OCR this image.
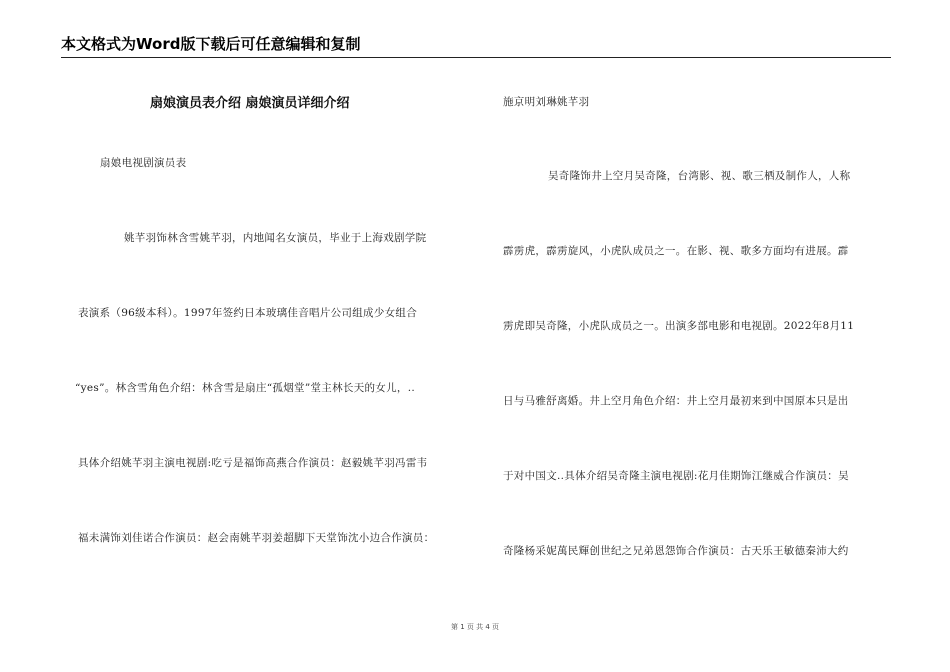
本文格式为Word版下载后可任意编辑和复制
扇娘演员表介绍 扇娘演员详细介绍
扇娘电视剧演员表
姚芊羽饰林含雪姚芊羽，内地闻名女演员，毕业于上海戏剧学院
表演系（96级本科）。1997年签约日本玻璃佳音唱片公司组成少女组合
“yes”。林含雪角色介绍：林含雪是扇庄“孤烟堂”堂主林长天的女儿，..
具体介绍姚芊羽主演电视剧:吃亏是福饰高燕合作演员：赵毅姚芊羽冯雷韦
福未满饰刘佳诺合作演员：赵会南姚芊羽姜超脚下天堂饰沈小边合作演员：
施京明刘琳姚芊羽
吴奇隆饰井上空月吴奇隆，台湾影、视、歌三栖及制作人，人称
霹雳虎，霹雳旋风，小虎队成员之一。在影、视、歌多方面均有进展。霹
雳虎即吴奇隆，小虎队成员之一。出演多部电影和电视剧。2022年8月11
日与马雅舒离婚。井上空月角色介绍：井上空月最初来到中国原本只是出
于对中国文..具体介绍吴奇隆主演电视剧:花月佳期饰江继威合作演员：吴
奇隆杨采妮萬民輝创世纪之兄弟恩怨饰合作演员：古天乐王敏德秦沛大约
第 1 页 共 4 页
